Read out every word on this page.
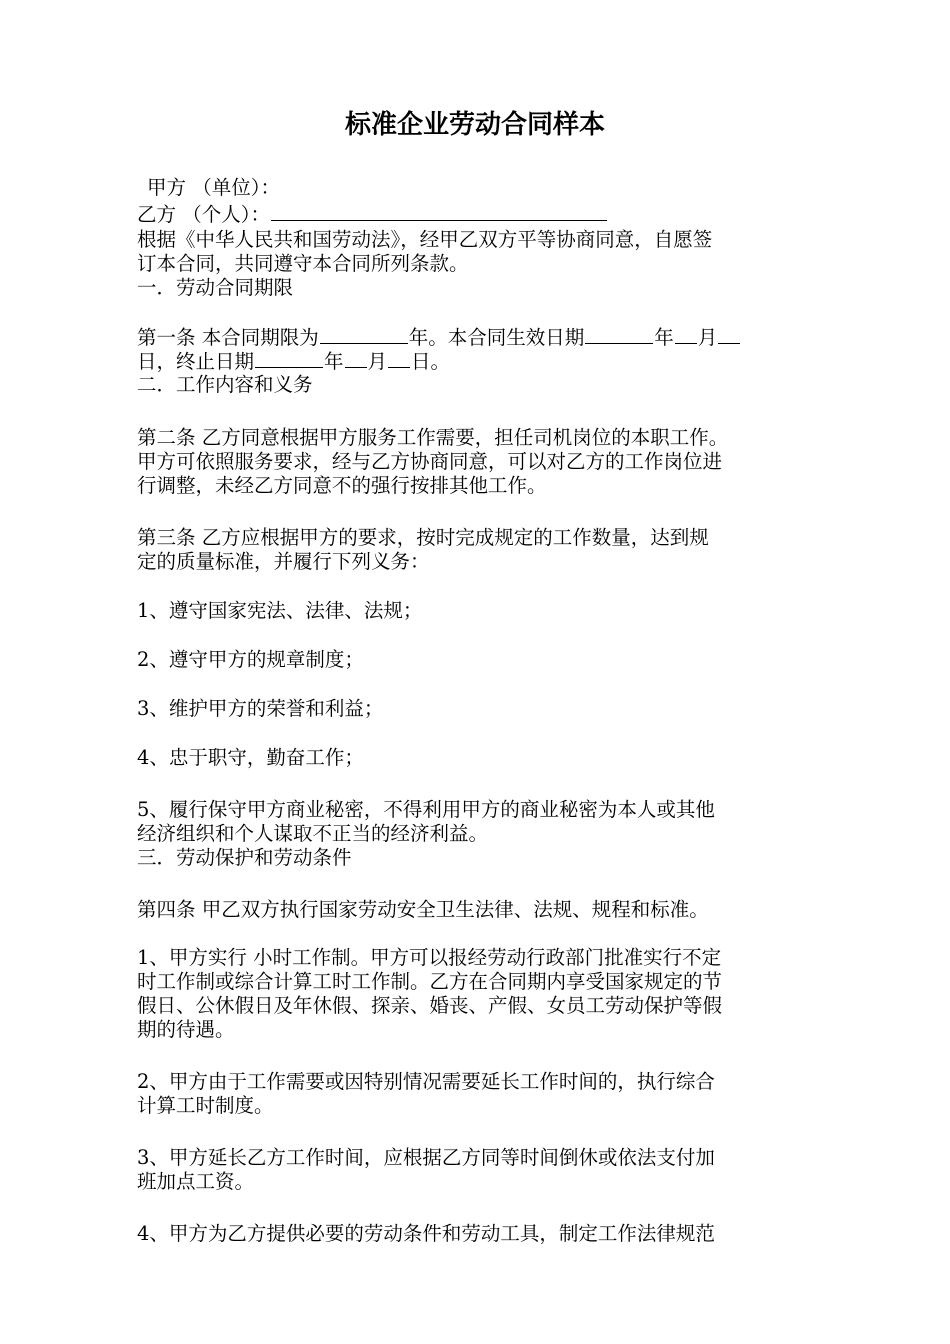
标准企业劳动合同样本
甲方 （单位）：
乙方 （个人）：
根据《中华人民共和国劳动法》，经甲乙双方平等协商同意，自愿签
订本合同，共同遵守本合同所列条款。
一．劳动合同期限
第一条 本合同期限为	年。本合同生效日期	年 月
日，终止日期	年 月 日。
二．工作内容和义务
第二条 乙方同意根据甲方服务工作需要，担任司机岗位的本职工作。
甲方可依照服务要求，经与乙方协商同意，可以对乙方的工作岗位进
行调整，未经乙方同意不的强行按排其他工作。
第三条 乙方应根据甲方的要求，按时完成规定的工作数量，达到规
定的质量标准，并履行下列义务：
1、遵守国家宪法、法律、法规；
2、遵守甲方的规章制度；
3、维护甲方的荣誉和利益；
4、忠于职守，勤奋工作；
5、履行保守甲方商业秘密，不得利用甲方的商业秘密为本人或其他
经济组织和个人谋取不正当的经济利益。
三．劳动保护和劳动条件
第四条 甲乙双方执行国家劳动安全卫生法律、法规、规程和标准。
1、甲方实行 小时工作制。甲方可以报经劳动行政部门批准实行不定
时工作制或综合计算工时工作制。乙方在合同期内享受国家规定的节
假日、公休假日及年休假、探亲、婚丧、产假、女员工劳动保护等假
期的待遇。
2、甲方由于工作需要或因特别情况需要延长工作时间的，执行综合
计算工时制度。
3、甲方延长乙方工作时间，应根据乙方同等时间倒休或依法支付加
班加点工资。
4、甲方为乙方提供必要的劳动条件和劳动工具，制定工作法律规范
